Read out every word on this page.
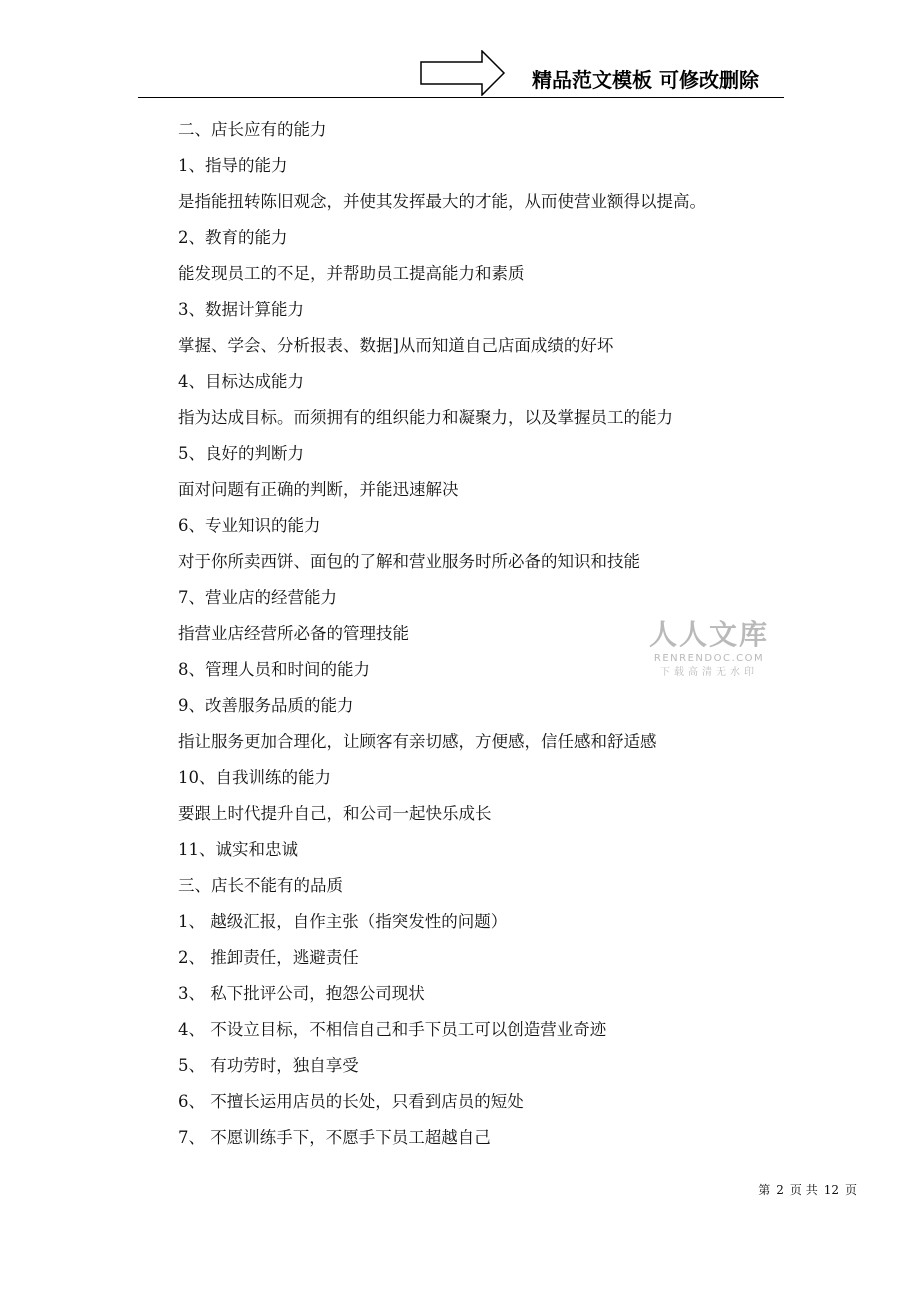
精品范文模板 可修改删除
二、店长应有的能力
1、指导的能力
是指能扭转陈旧观念，并使其发挥最大的才能，从而使营业额得以提高。
2、教育的能力
能发现员工的不足，并帮助员工提高能力和素质
3、数据计算能力
掌握、学会、分析报表、数据]从而知道自己店面成绩的好坏
4、目标达成能力
指为达成目标。而须拥有的组织能力和凝聚力，以及掌握员工的能力
5、良好的判断力
面对问题有正确的判断，并能迅速解决
6、专业知识的能力
对于你所卖西饼、面包的了解和营业服务时所必备的知识和技能
7、营业店的经营能力
指营业店经营所必备的管理技能
8、管理人员和时间的能力
9、改善服务品质的能力
指让服务更加合理化，让顾客有亲切感，方便感，信任感和舒适感
10、自我训练的能力
要跟上时代提升自己，和公司一起快乐成长
11、诚实和忠诚
三、店长不能有的品质
1、 越级汇报，自作主张（指突发性的问题）
2、 推卸责任，逃避责任
3、 私下批评公司，抱怨公司现状
4、 不设立目标，不相信自己和手下员工可以创造营业奇迹
5、 有功劳时，独自享受
6、 不擅长运用店员的长处，只看到店员的短处
7、 不愿训练手下，不愿手下员工超越自己
人人文库
RENRENDOC.COM
下载高清无水印
第 2 页 共 12 页
